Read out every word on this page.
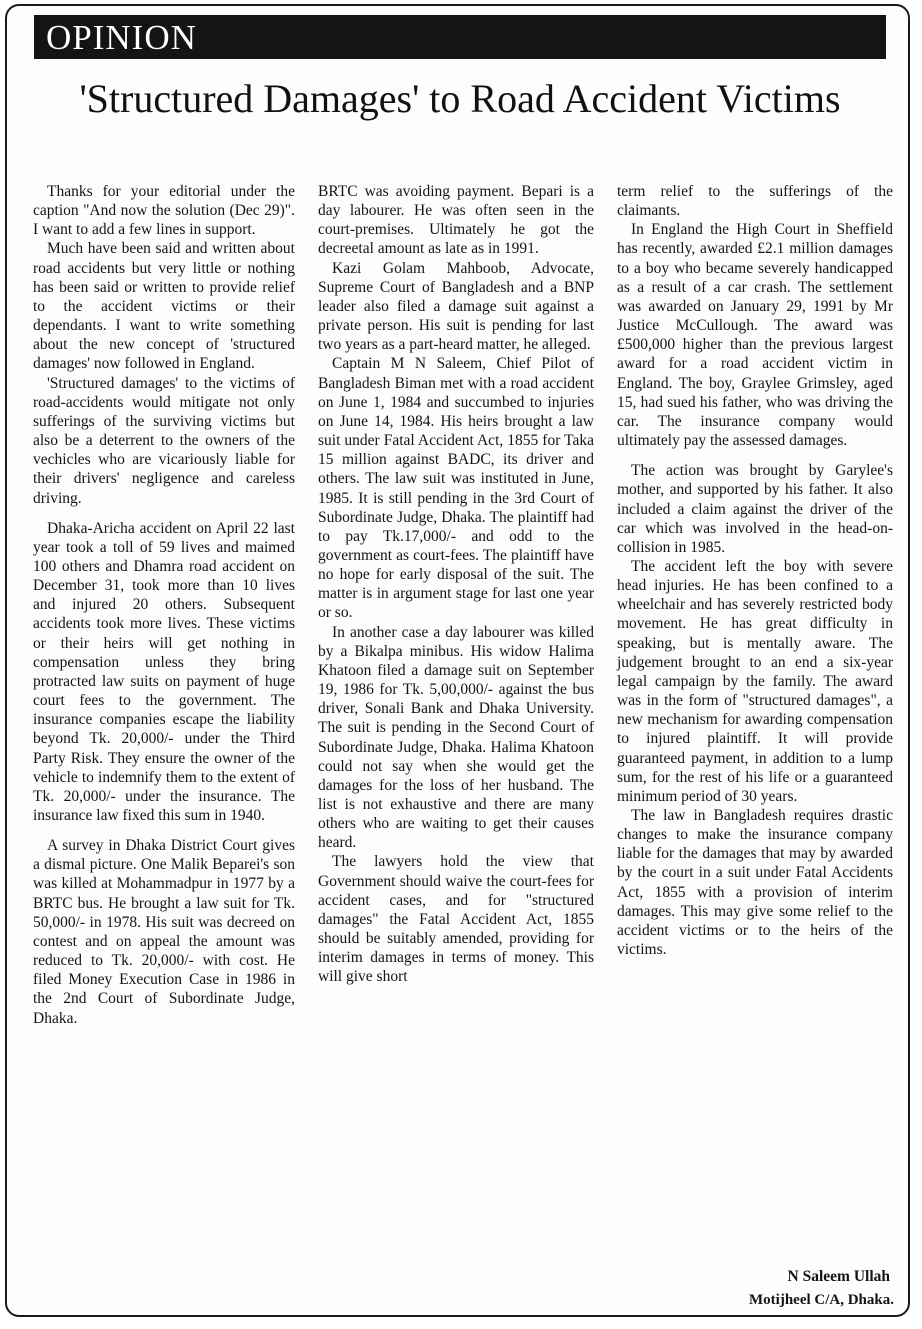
OPINION
'Structured Damages' to Road Accident Victims

Thanks for your editorial under the caption "And now the solution (Dec 29)". I want to add a few lines in support.

Much have been said and written about road accidents but very little or nothing has been said or written to provide relief to the accident victims or their dependants. I want to write something about the new concept of 'structured damages' now followed in England.

'Structured damages' to the victims of road-accidents would mitigate not only sufferings of the surviving victims but also be a deterrent to the owners of the vechicles who are vicariously liable for their drivers' negligence and careless driving.

Dhaka-Aricha accident on April 22 last year took a toll of 59 lives and maimed 100 others and Dhamra road accident on December 31, took more than 10 lives and injured 20 others. Subsequent accidents took more lives. These victims or their heirs will get nothing in compensation unless they bring protracted law suits on payment of huge court fees to the government. The insurance companies escape the liability beyond Tk. 20,000/- under the Third Party Risk. They ensure the owner of the vehicle to indemnify them to the extent of Tk. 20,000/- under the insurance. The insurance law fixed this sum in 1940.

A survey in Dhaka District Court gives a dismal picture. One Malik Beparei's son was killed at Mohammadpur in 1977 by a BRTC bus. He brought a law suit for Tk. 50,000/- in 1978. His suit was decreed on contest and on appeal the amount was reduced to Tk. 20,000/- with cost. He filed Money Execution Case in 1986 in the 2nd Court of Subordinate Judge, Dhaka.

BRTC was avoiding payment. Bepari is a day labourer. He was often seen in the court-premises. Ultimately he got the decreetal amount as late as in 1991.

Kazi Golam Mahboob, Advocate, Supreme Court of Bangladesh and a BNP leader also filed a damage suit against a private person. His suit is pending for last two years as a part-heard matter, he alleged.

Captain M N Saleem, Chief Pilot of Bangladesh Biman met with a road accident on June 1, 1984 and succumbed to injuries on June 14, 1984. His heirs brought a law suit under Fatal Accident Act, 1855 for Taka 15 million against BADC, its driver and others. The law suit was instituted in June, 1985. It is still pending in the 3rd Court of Subordinate Judge, Dhaka. The plaintiff had to pay Tk.17,000/- and odd to the government as court-fees. The plaintiff have no hope for early disposal of the suit. The matter is in argument stage for last one year or so.

In another case a day labourer was killed by a Bikalpa minibus. His widow Halima Khatoon filed a damage suit on September 19, 1986 for Tk. 5,00,000/- against the bus driver, Sonali Bank and Dhaka University. The suit is pending in the Second Court of Subordinate Judge, Dhaka. Halima Khatoon could not say when she would get the damages for the loss of her husband. The list is not exhaustive and there are many others who are waiting to get their causes heard.

The lawyers hold the view that Government should waive the court-fees for accident cases, and for "structured damages" the Fatal Accident Act, 1855 should be suitably amended, providing for interim damages in terms of money. This will give short

term relief to the sufferings of the claimants.

In England the High Court in Sheffield has recently, awarded £2.1 million damages to a boy who became severely handicapped as a result of a car crash. The settlement was awarded on January 29, 1991 by Mr Justice McCullough. The award was £500,000 higher than the previous largest award for a road accident victim in England. The boy, Graylee Grimsley, aged 15, had sued his father, who was driving the car. The insurance company would ultimately pay the assessed damages.

The action was brought by Garylee's mother, and supported by his father. It also included a claim against the driver of the car which was involved in the head-on-collision in 1985.

The accident left the boy with severe head injuries. He has been confined to a wheelchair and has severely restricted body movement. He has great difficulty in speaking, but is mentally aware. The judgement brought to an end a six-year legal campaign by the family. The award was in the form of "structured damages", a new mechanism for awarding compensation to injured plaintiff. It will provide guaranteed payment, in addition to a lump sum, for the rest of his life or a guaranteed minimum period of 30 years.

The law in Bangladesh requires drastic changes to make the insurance company liable for the damages that may by awarded by the court in a suit under Fatal Accidents Act, 1855 with a provision of interim damages. This may give some relief to the accident victims or to the heirs of the victims.

N Saleem Ullah
Motijheel C/A, Dhaka.
